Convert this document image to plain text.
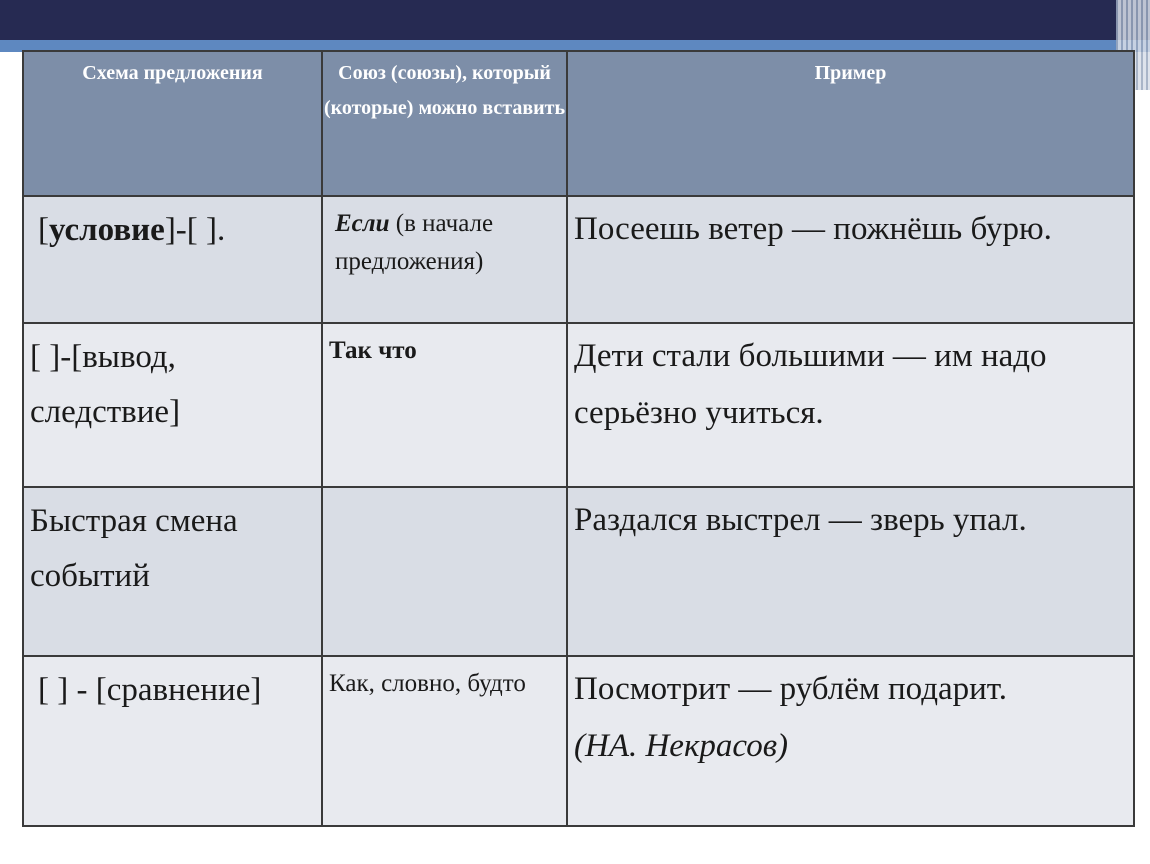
Схема предложения	Союз (союзы), который (которые) можно вставить	Пример

[условие]-[ ].	Если (в начале предложения)	Посеешь ветер — пожнёшь бурю.

[ ]-[вывод, следствие]	Так что	Дети стали большими — им надо серьёзно учиться.

Быстрая смена событий		Раздался выстрел — зверь упал.

[ ] - [сравнение]	Как, словно, будто	Посмотрит — рублём подарит.
(НА. Некрасов)
